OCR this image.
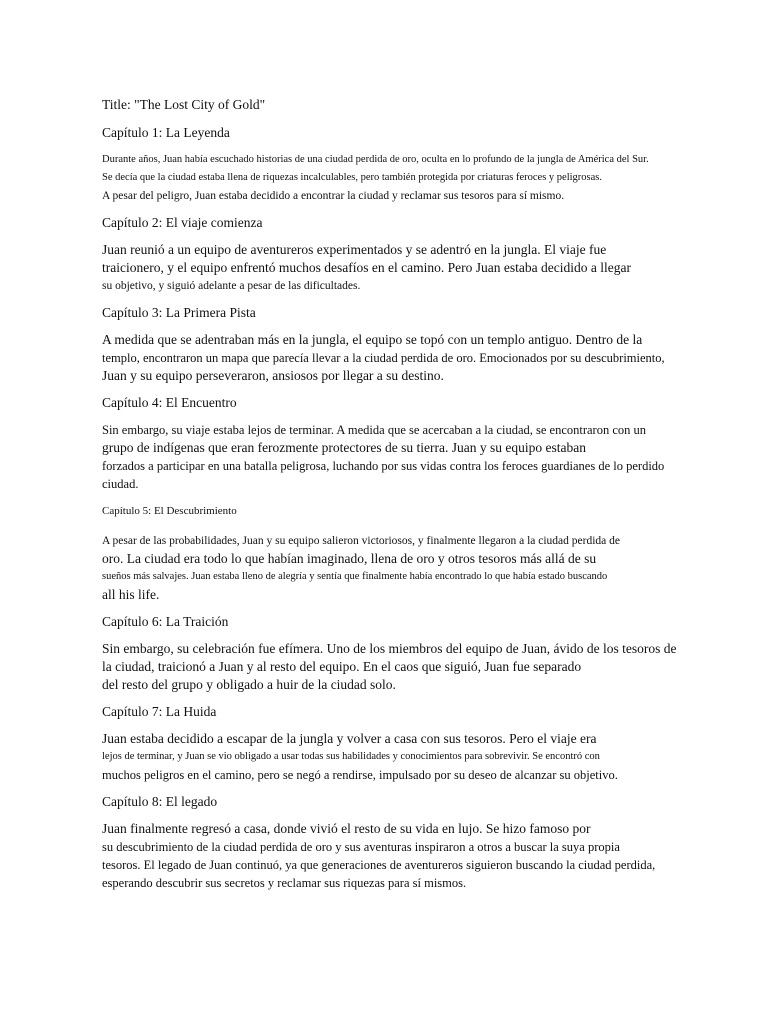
Title: "The Lost City of Gold"
Capítulo 1: La Leyenda
Durante años, Juan había escuchado historias de una ciudad perdida de oro, oculta en lo profundo de la jungla de América del Sur.
Se decía que la ciudad estaba llena de riquezas incalculables, pero también protegida por criaturas feroces y peligrosas.
A pesar del peligro, Juan estaba decidido a encontrar la ciudad y reclamar sus tesoros para sí mismo.
Capítulo 2: El viaje comienza
Juan reunió a un equipo de aventureros experimentados y se adentró en la jungla. El viaje fue
traicionero, y el equipo enfrentó muchos desafíos en el camino. Pero Juan estaba decidido a llegar
su objetivo, y siguió adelante a pesar de las dificultades.
Capítulo 3: La Primera Pista
A medida que se adentraban más en la jungla, el equipo se topó con un templo antiguo. Dentro de la
templo, encontraron un mapa que parecía llevar a la ciudad perdida de oro. Emocionados por su descubrimiento,
Juan y su equipo perseveraron, ansiosos por llegar a su destino.
Capítulo 4: El Encuentro
Sin embargo, su viaje estaba lejos de terminar. A medida que se acercaban a la ciudad, se encontraron con un
grupo de indígenas que eran ferozmente protectores de su tierra. Juan y su equipo estaban
forzados a participar en una batalla peligrosa, luchando por sus vidas contra los feroces guardianes de lo perdido
ciudad.
Capítulo 5: El Descubrimiento
A pesar de las probabilidades, Juan y su equipo salieron victoriosos, y finalmente llegaron a la ciudad perdida de
oro. La ciudad era todo lo que habían imaginado, llena de oro y otros tesoros más allá de su
sueños más salvajes. Juan estaba lleno de alegría y sentía que finalmente había encontrado lo que había estado buscando
all his life.
Capítulo 6: La Traición
Sin embargo, su celebración fue efímera. Uno de los miembros del equipo de Juan, ávido de los tesoros de
la ciudad, traicionó a Juan y al resto del equipo. En el caos que siguió, Juan fue separado
del resto del grupo y obligado a huir de la ciudad solo.
Capítulo 7: La Huida
Juan estaba decidido a escapar de la jungla y volver a casa con sus tesoros. Pero el viaje era
lejos de terminar, y Juan se vio obligado a usar todas sus habilidades y conocimientos para sobrevivir. Se encontró con
muchos peligros en el camino, pero se negó a rendirse, impulsado por su deseo de alcanzar su objetivo.
Capítulo 8: El legado
Juan finalmente regresó a casa, donde vivió el resto de su vida en lujo. Se hizo famoso por
su descubrimiento de la ciudad perdida de oro y sus aventuras inspiraron a otros a buscar la suya propia
tesoros. El legado de Juan continuó, ya que generaciones de aventureros siguieron buscando la ciudad perdida,
esperando descubrir sus secretos y reclamar sus riquezas para sí mismos.
